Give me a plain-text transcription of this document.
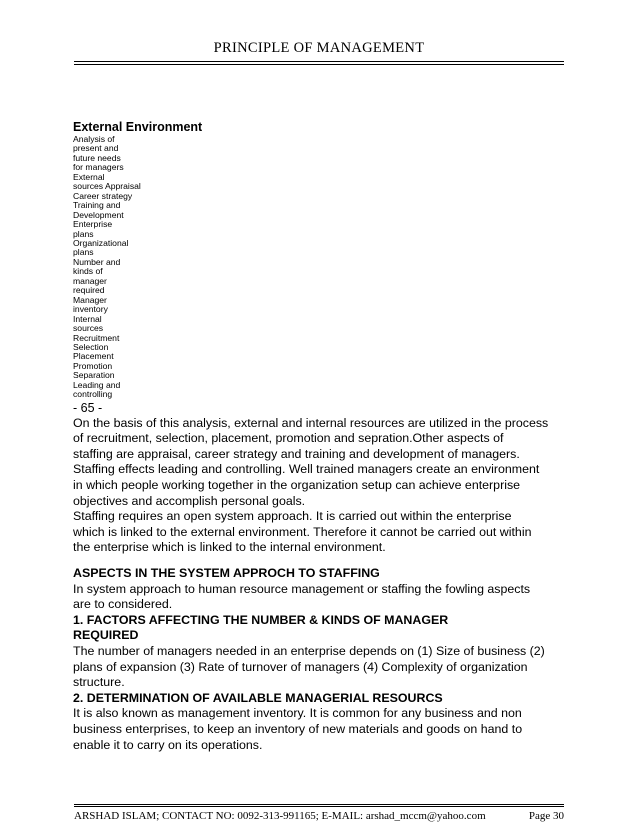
PRINCIPLE OF MANAGEMENT
External Environment

Analysis of

present and

future needs

for managers

External

sources Appraisal

Career strategy

Training and

Development

Enterprise

plans

Organizational

plans

Number and

kinds of

manager

required

Manager

inventory

Internal

sources

Recruitment

Selection

Placement

Promotion

Separation

Leading and

controlling

- 65 -

On the basis of this analysis, external and internal resources are utilized in the process

of recruitment, selection, placement, promotion and sepration.Other aspects of

staffing are appraisal, career strategy and training and development of managers.

Staffing effects leading and controlling. Well trained managers create an environment

in which people working together in the organization setup can achieve enterprise

objectives and accomplish personal goals.

Staffing requires an open system approach. It is carried out within the enterprise

which is linked to the external environment. Therefore it cannot be carried out within

the enterprise which is linked to the internal environment.

ASPECTS IN THE SYSTEM APPROCH TO STAFFING

In system approach to human resource management or staffing the fowling aspects

are to considered.

1. FACTORS AFFECTING THE NUMBER & KINDS OF MANAGER

REQUIRED

The number of managers needed in an enterprise depends on (1) Size of business (2)

plans of expansion (3) Rate of turnover of managers (4) Complexity of organization

structure.

2. DETERMINATION OF AVAILABLE MANAGERIAL RESOURCS

It is also known as management inventory. It is common for any business and non

business enterprises, to keep an inventory of new materials and goods on hand to

enable it to carry on its operations.

ARSHAD ISLAM; CONTACT NO: 0092-313-991165; E-MAIL: arshad_mccm@yahoo.com	Page 30
